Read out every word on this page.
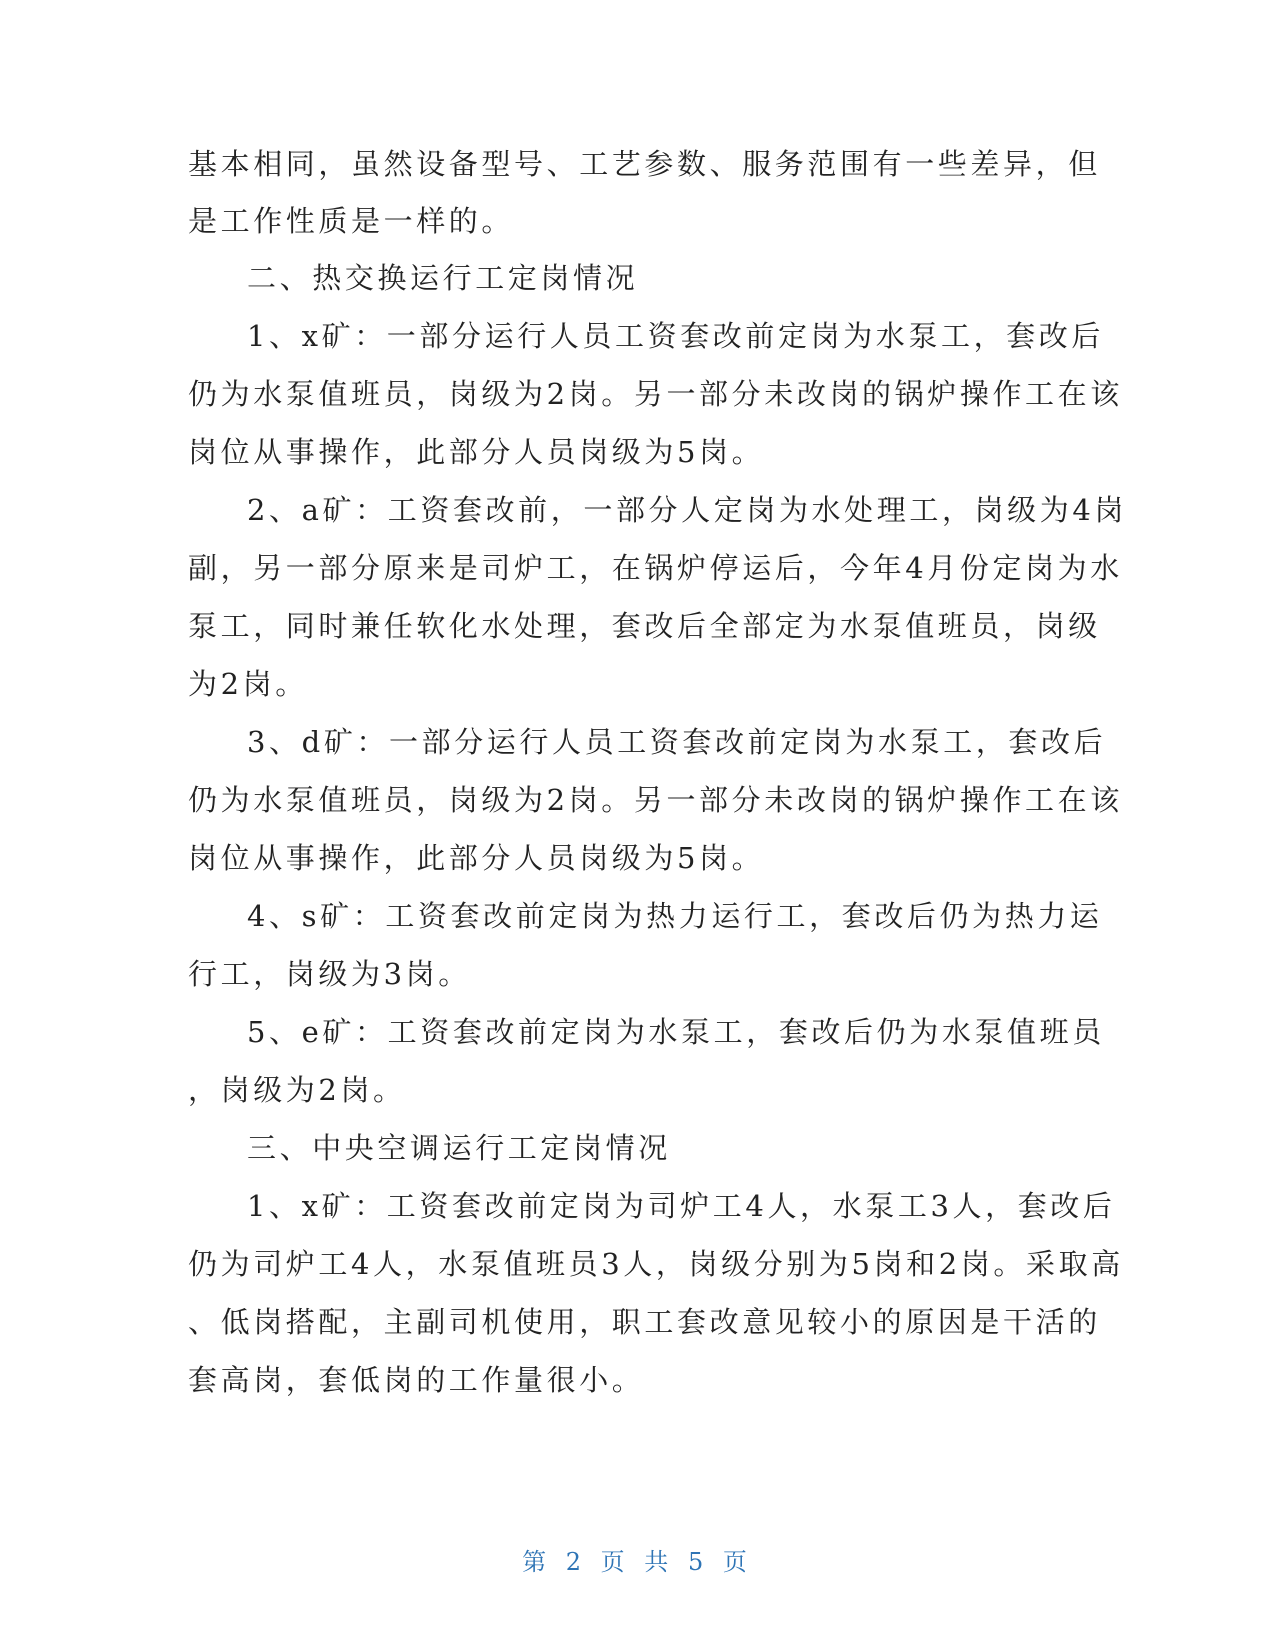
基本相同，虽然设备型号、工艺参数、服务范围有一些差异，但
是工作性质是一样的。
二、热交换运行工定岗情况
1、x矿：一部分运行人员工资套改前定岗为水泵工，套改后
仍为水泵值班员，岗级为2岗。另一部分未改岗的锅炉操作工在该
岗位从事操作，此部分人员岗级为5岗。
2、a矿：工资套改前，一部分人定岗为水处理工，岗级为4岗
副，另一部分原来是司炉工，在锅炉停运后，今年4月份定岗为水
泵工，同时兼任软化水处理，套改后全部定为水泵值班员，岗级
为2岗。
3、d矿：一部分运行人员工资套改前定岗为水泵工，套改后
仍为水泵值班员，岗级为2岗。另一部分未改岗的锅炉操作工在该
岗位从事操作，此部分人员岗级为5岗。
4、s矿：工资套改前定岗为热力运行工，套改后仍为热力运
行工，岗级为3岗。
5、e矿：工资套改前定岗为水泵工，套改后仍为水泵值班员
，岗级为2岗。
三、中央空调运行工定岗情况
1、x矿：工资套改前定岗为司炉工4人，水泵工3人，套改后
仍为司炉工4人，水泵值班员3人，岗级分别为5岗和2岗。采取高
、低岗搭配，主副司机使用，职工套改意见较小的原因是干活的
套高岗，套低岗的工作量很小。
第 2 页 共 5 页
